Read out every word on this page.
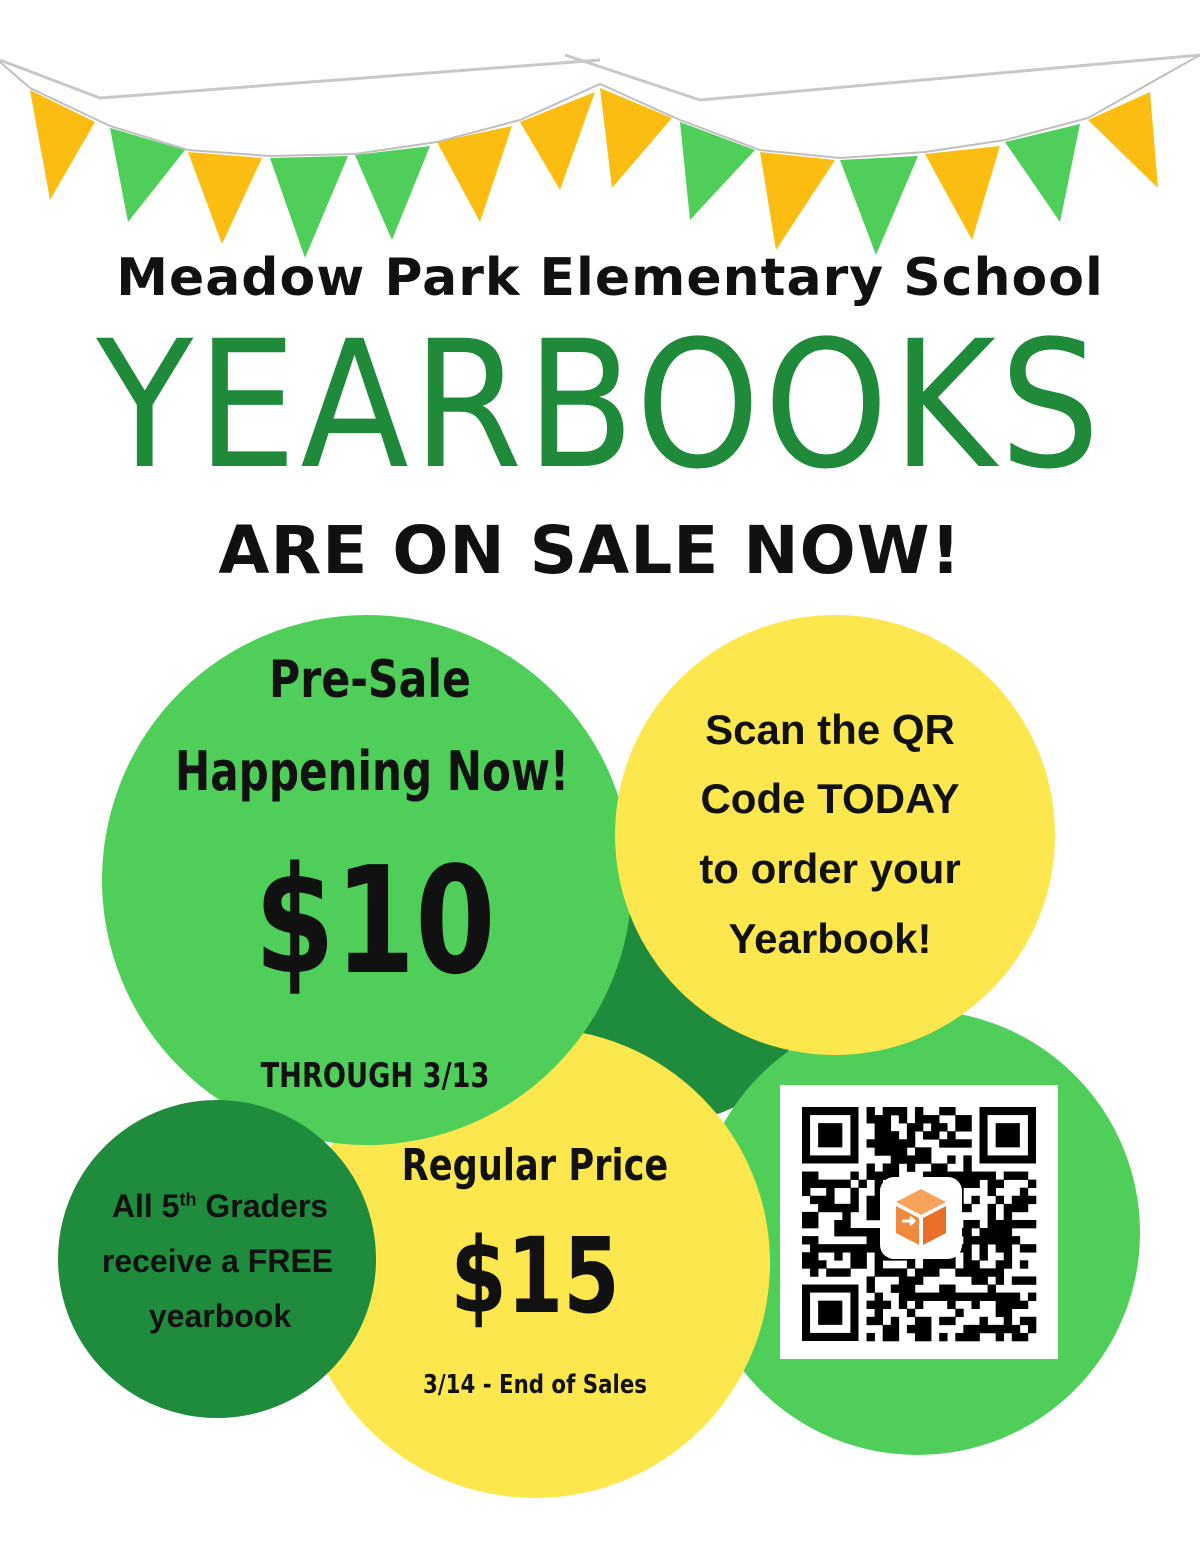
Meadow Park Elementary School
YEARBOOKS
ARE ON SALE NOW!
Pre-Sale
Happening Now!
$10
THROUGH 3/13
Scan the QR
Code TODAY
to order your
Yearbook!
Regular Price
$15
3/14 - End of Sales
All 5th Graders
receive a FREE
yearbook
